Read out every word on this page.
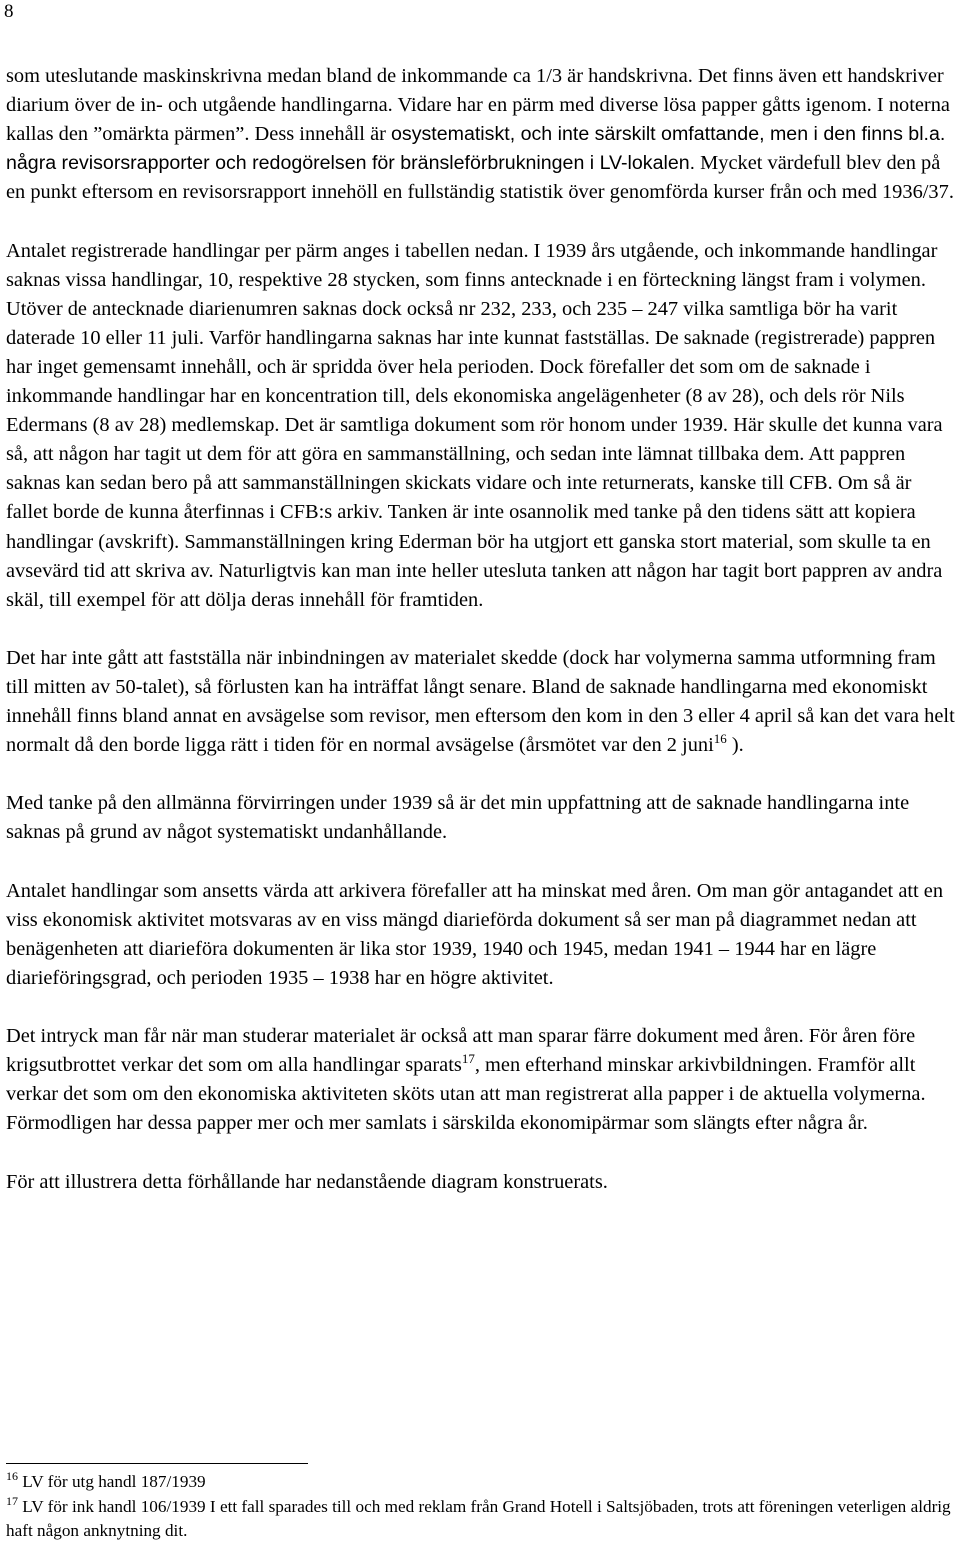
8

som uteslutande maskinskrivna medan bland de inkommande ca 1/3 är handskrivna. Det finns även ett handskriver diarium över de in- och utgående handlingarna. Vidare har en pärm med diverse lösa papper gåtts igenom. I noterna kallas den ”omärkta pärmen”. Dess innehåll är osystematiskt, och inte särskilt omfattande, men i den finns bl.a. några revisorsrapporter och redogörelsen för bränsleförbrukningen i LV-lokalen. Mycket värdefull blev den på en punkt eftersom en revisorsrapport innehöll en fullständig statistik över genomförda kurser från och med 1936/37.

Antalet registrerade handlingar per pärm anges i tabellen nedan. I 1939 års utgående, och inkommande handlingar saknas vissa handlingar, 10, respektive 28 stycken, som finns antecknade i en förteckning längst fram i volymen. Utöver de antecknade diarienumren saknas dock också nr 232, 233, och 235 – 247 vilka samtliga bör ha varit daterade 10 eller 11 juli. Varför handlingarna saknas har inte kunnat fastställas. De saknade (registrerade) pappren har inget gemensamt innehåll, och är spridda över hela perioden. Dock förefaller det som om de saknade i inkommande handlingar har en koncentration till, dels ekonomiska angelägenheter (8 av 28), och dels rör Nils Edermans (8 av 28) medlemskap. Det är samtliga dokument som rör honom under 1939. Här skulle det kunna vara så, att någon har tagit ut dem för att göra en sammanställning, och sedan inte lämnat tillbaka dem. Att pappren saknas kan sedan bero på att sammanställningen skickats vidare och inte returnerats, kanske till CFB. Om så är fallet borde de kunna återfinnas i CFB:s arkiv. Tanken är inte osannolik med tanke på den tidens sätt att kopiera handlingar (avskrift). Sammanställningen kring Ederman bör ha utgjort ett ganska stort material, som skulle ta en avsevärd tid att skriva av. Naturligtvis kan man inte heller utesluta tanken att någon har tagit bort pappren av andra skäl, till exempel för att dölja deras innehåll för framtiden.

Det har inte gått att fastställa när inbindningen av materialet skedde (dock har volymerna samma utformning fram till mitten av 50-talet), så förlusten kan ha inträffat långt senare. Bland de saknade handlingarna med ekonomiskt innehåll finns bland annat en avsägelse som revisor, men eftersom den kom in den 3 eller 4 april så kan det vara helt normalt då den borde ligga rätt i tiden för en normal avsägelse (årsmötet var den 2 juni$^{16}$ ).

Med tanke på den allmänna förvirringen under 1939 så är det min uppfattning att de saknade handlingarna inte saknas på grund av något systematiskt undanhållande.

Antalet handlingar som ansetts värda att arkivera förefaller att ha minskat med åren. Om man gör antagandet att en viss ekonomisk aktivitet motsvaras av en viss mängd diarieförda dokument så ser man på diagrammet nedan att benägenheten att diarieföra dokumenten är lika stor 1939, 1940 och 1945, medan 1941 – 1944 har en lägre diarieföringsgrad, och perioden 1935 – 1938 har en högre aktivitet.

Det intryck man får när man studerar materialet är också att man sparar färre dokument med åren. För åren före krigsutbrottet verkar det som om alla handlingar sparats$^{17}$, men efterhand minskar arkivbildningen. Framför allt verkar det som om den ekonomiska aktiviteten sköts utan att man registrerat alla papper i de aktuella volymerna. Förmodligen har dessa papper mer och mer samlats i särskilda ekonomipärmar som slängts efter några år.

För att illustrera detta förhållande har nedanstående diagram konstruerats.

$^{16}$ LV för utg handl 187/1939

$^{17}$ LV för ink handl 106/1939 I ett fall sparades till och med reklam från Grand Hotell i Saltsjöbaden, trots att föreningen veterligen aldrig haft någon anknytning dit.
